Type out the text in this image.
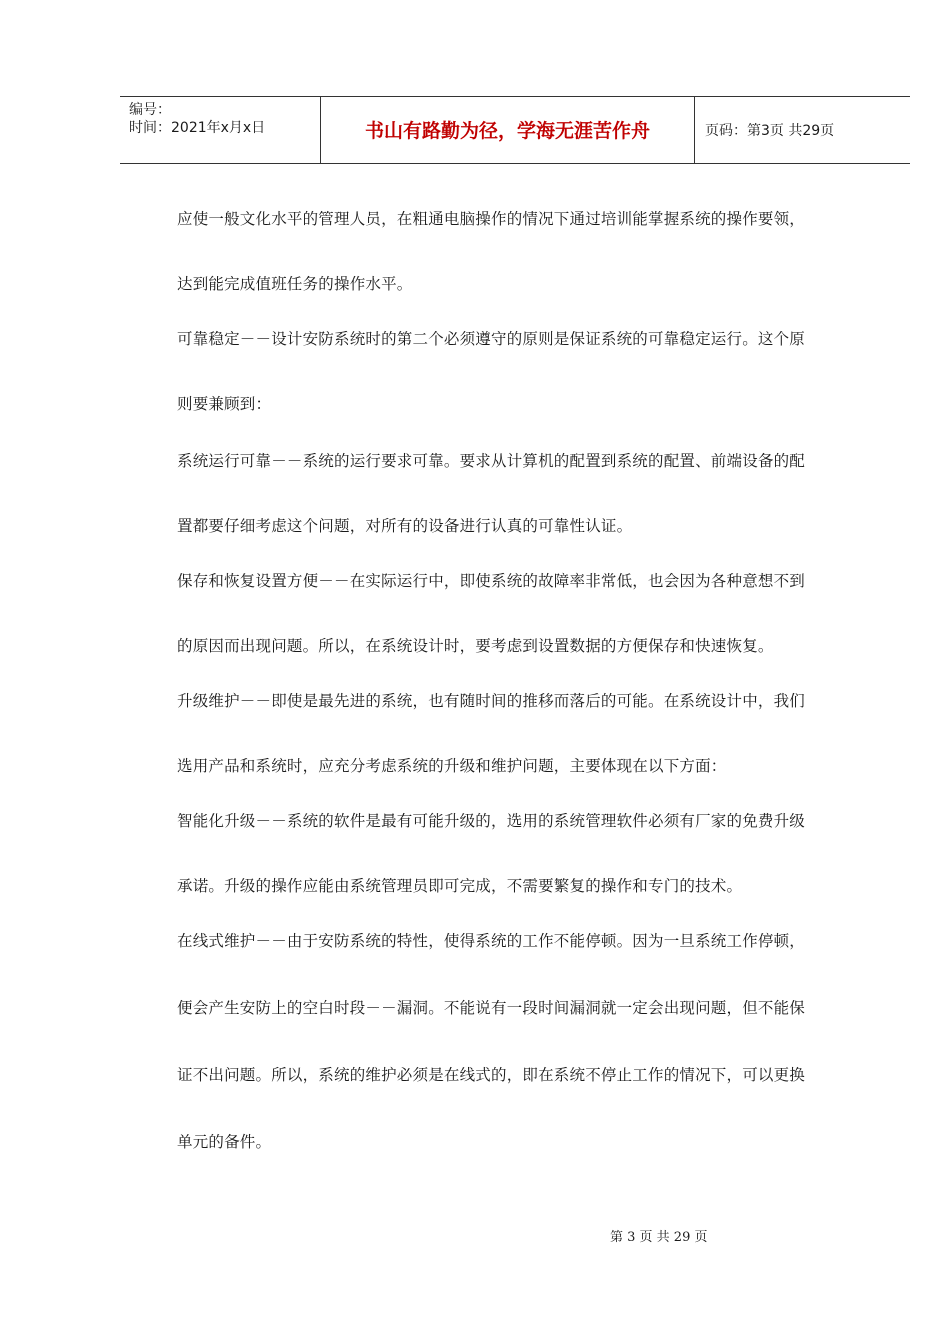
编号：
时间：2021年x月x日	书山有路勤为径，学海无涯苦作舟	页码：第3页 共29页
应使一般文化水平的管理人员，在粗通电脑操作的情况下通过培训能掌握系统的操作要领，
达到能完成值班任务的操作水平。
可靠稳定－－设计安防系统时的第二个必须遵守的原则是保证系统的可靠稳定运行。这个原
则要兼顾到：
系统运行可靠－－系统的运行要求可靠。要求从计算机的配置到系统的配置、前端设备的配
置都要仔细考虑这个问题，对所有的设备进行认真的可靠性认证。
保存和恢复设置方便－－在实际运行中，即使系统的故障率非常低，也会因为各种意想不到
的原因而出现问题。所以，在系统设计时，要考虑到设置数据的方便保存和快速恢复。
升级维护－－即使是最先进的系统，也有随时间的推移而落后的可能。在系统设计中，我们
选用产品和系统时，应充分考虑系统的升级和维护问题，主要体现在以下方面：
智能化升级－－系统的软件是最有可能升级的，选用的系统管理软件必须有厂家的免费升级
承诺。升级的操作应能由系统管理员即可完成，不需要繁复的操作和专门的技术。
在线式维护－－由于安防系统的特性，使得系统的工作不能停顿。因为一旦系统工作停顿，
便会产生安防上的空白时段－－漏洞。不能说有一段时间漏洞就一定会出现问题，但不能保
证不出问题。所以，系统的维护必须是在线式的，即在系统不停止工作的情况下，可以更换
单元的备件。
第 3 页 共 29 页
